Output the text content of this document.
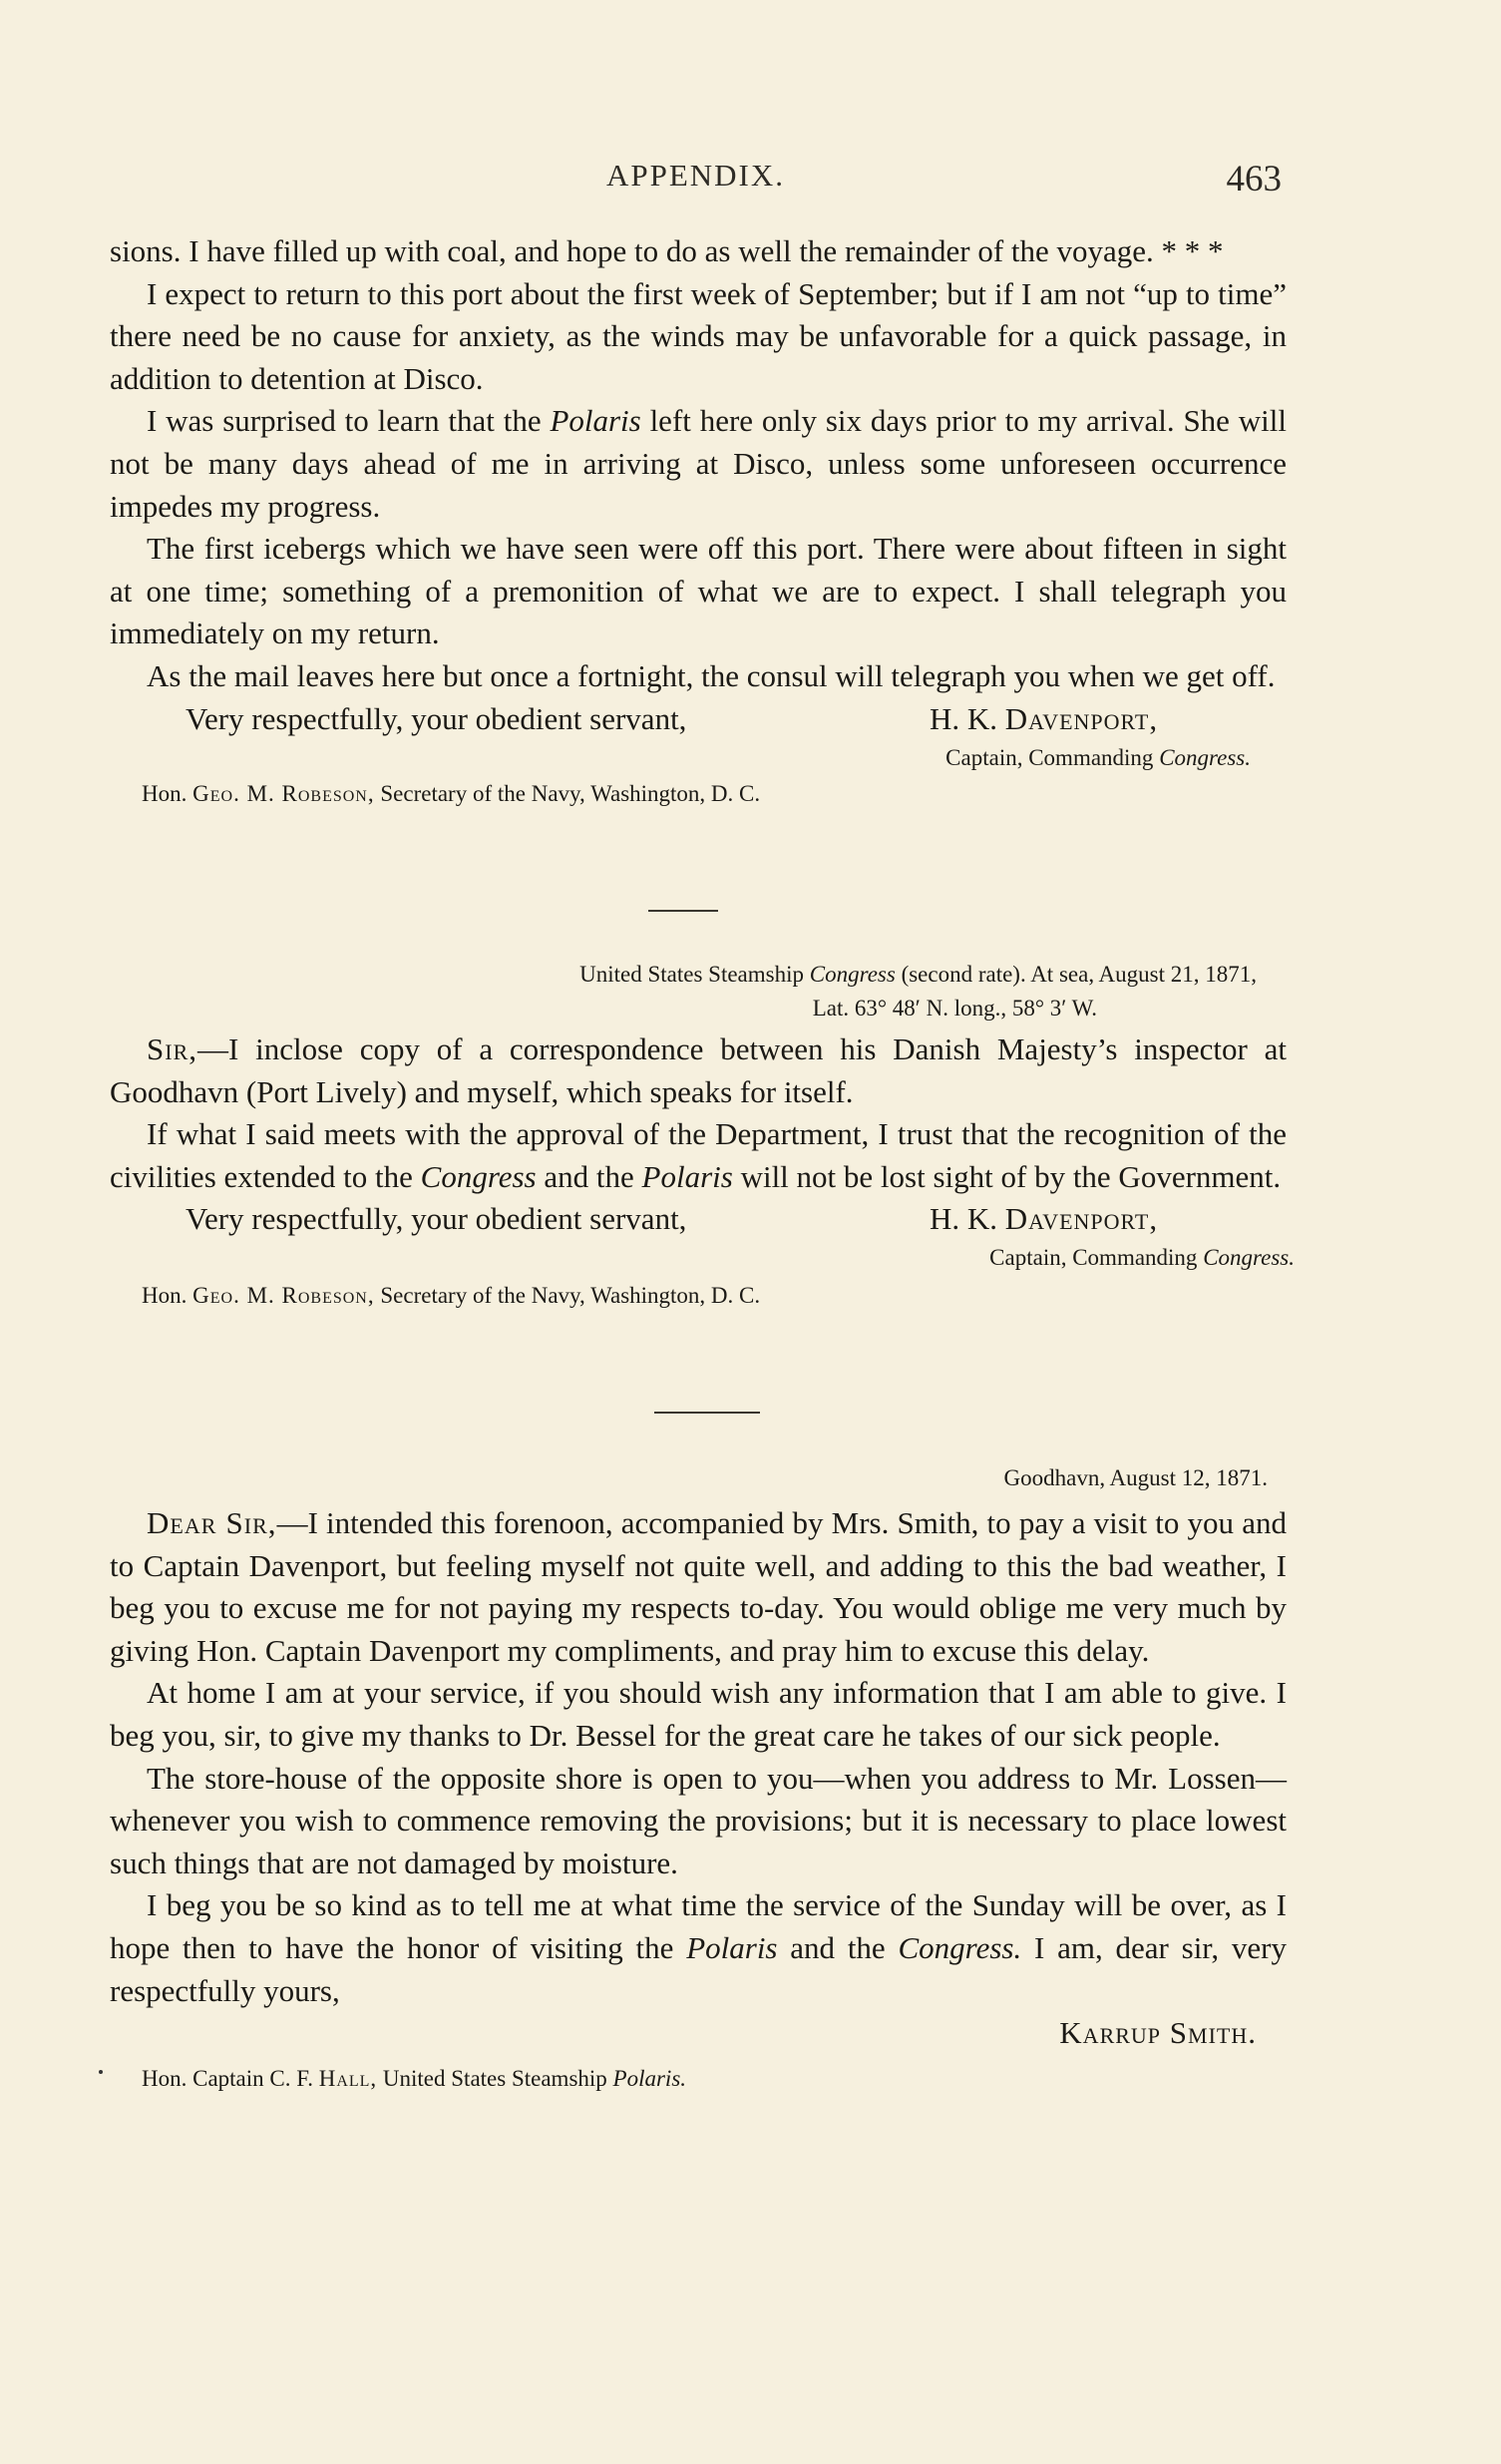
APPENDIX.	463

sions. I have filled up with coal, and hope to do as well the remainder of the voyage. * * *

I expect to return to this port about the first week of September; but if I am not “up to time” there need be no cause for anxiety, as the winds may be unfavorable for a quick passage, in addition to detention at Disco.

I was surprised to learn that the Polaris left here only six days prior to my arrival. She will not be many days ahead of me in arriving at Disco, unless some unforeseen occurrence impedes my progress.

The first icebergs which we have seen were off this port. There were about fifteen in sight at one time; something of a premonition of what we are to expect. I shall telegraph you immediately on my return.

As the mail leaves here but once a fortnight, the consul will telegraph you when we get off.

Very respectfully, your obedient servant,	H. K. Davenport,
Captain, Commanding Congress.
Hon. Geo. M. Robeson, Secretary of the Navy, Washington, D. C.
United States Steamship Congress (second rate). At sea, August 21, 1871,
Lat. 63° 48′ N. long., 58° 3′ W.

Sir,—I inclose copy of a correspondence between his Danish Majesty’s inspector at Goodhavn (Port Lively) and myself, which speaks for itself.

If what I said meets with the approval of the Department, I trust that the recognition of the civilities extended to the Congress and the Polaris will not be lost sight of by the Government.

Very respectfully, your obedient servant,	H. K. Davenport,
Captain, Commanding Congress.
Hon. Geo. M. Robeson, Secretary of the Navy, Washington, D. C.
Goodhavn, August 12, 1871.

Dear Sir,—I intended this forenoon, accompanied by Mrs. Smith, to pay a visit to you and to Captain Davenport, but feeling myself not quite well, and adding to this the bad weather, I beg you to excuse me for not paying my respects to-day. You would oblige me very much by giving Hon. Captain Davenport my compliments, and pray him to excuse this delay.

At home I am at your service, if you should wish any information that I am able to give. I beg you, sir, to give my thanks to Dr. Bessel for the great care he takes of our sick people.

The store-house of the opposite shore is open to you—when you address to Mr. Lossen—whenever you wish to commence removing the provisions; but it is necessary to place lowest such things that are not damaged by moisture.

I beg you be so kind as to tell me at what time the service of the Sunday will be over, as I hope then to have the honor of visiting the Polaris and the Congress. I am, dear sir, very respectfully yours,

Karrup Smith.
Hon. Captain C. F. Hall, United States Steamship Polaris.
